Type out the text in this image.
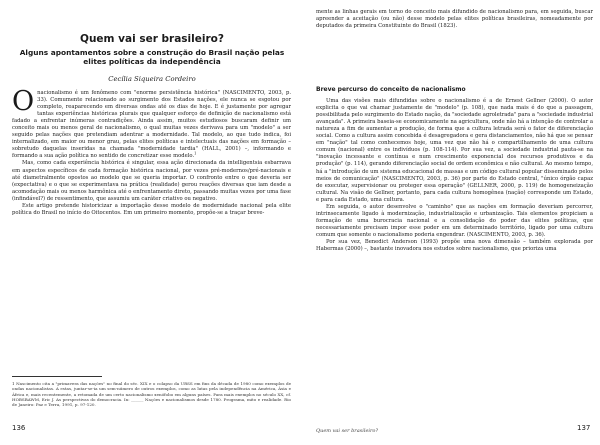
Quem vai ser brasileiro?
Alguns apontamentos sobre a construção do Brasil nação pelas elites políticas da independência

Cecília Siqueira Cordeiro

Onacionalismo é um fenômeno com "enorme persistência histórica" (NASCIMENTO, 2003, p. 33). Comumente relacionado ao surgimento dos Estados nações, ele nunca se esgotou por completo, reaparecendo em diversas ondas até os dias de hoje. E é justamente por agregar tantas experiências históricas plurais que qualquer esforço de definição de nacionalismo está fadado a enfrentar inúmeras contradições. Ainda assim, muitos estudiosos buscaram definir um conceito mais ou menos geral de nacionalismo, o qual muitas vezes derivava para um "modelo" a ser seguido pelas nações que pretendiam adentrar a modernidade. Tal modelo, ao que tudo indica, foi internalizado, em maior ou menor grau, pelas elites políticas e intelectuais das nações em formação – sobretudo daquelas inseridas na chamada "modernidade tardia" (HALL, 2001) –, informando e formando a sua ação política no sentido de concretizar esse modelo.$^1$

Mas, como cada experiência histórica é singular, essa ação direcionada da intelligentsia esbarrava em aspectos específicos de cada formação histórica nacional, por vezes pré-modernos/pré-nacionais e até diametralmente opostos ao modelo que se queria importar. O confronto entre o que deveria ser (expectativa) e o que se experimentava na prática (realidade) gerou reações diversas que iam desde a acomodação mais ou menos harmônica até o enfrentamento direto, passando muitas vezes por uma fase (infindável?) de ressentimento, que assumiu um caráter criativo ou negativo.

Este artigo pretende historicizar a importação desse modelo de modernidade nacional pela elite política do Brasil no início do Oitocentos. Em um primeiro momento, propõe-se a traçar breve-

1 Nascimento cita a "primavera das nações" no final do séc. XIX e o colapso da URSS em fins da década de 1980 como exemplos de ondas nacionalistas. A estas, juntar-se-ia um sem-número de outros exemplos, como as lutas pela independência na América, Ásia e África e, mais recentemente, a retomada de um certo nacionalismo xenófobo em alguns países. Para mais exemplos no século XX, cf. HOBSBAWM, Eric J. As perspectivas do democracia. In: ______ Nações e nacionalismos desde 1780. Programa, mito e realidade. Rio de Janeiro: Paz e Terra, 1991, p. 97-120.

136

mente as linhas gerais em torno do conceito mais difundido de nacionalismo para, em seguida, buscar apreender a aceitação (ou não) desse modelo pelas elites políticas brasileiras, nomeadamente por deputados da primeira Constituinte do Brasil (1823).

Breve percurso do conceito de nacionalismo

Uma das visões mais difundidas sobre o nacionalismo é a de Ernest Gellner (2000). O autor explicita o que vai chamar justamente de "modelo" (p. 108), que nada mais é do que a passagem, possibilitada pelo surgimento do Estado nação, da "sociedade agroletrada" para a "sociedade industrial avançada". A primeira baseia-se economicamente na agricultura, onde não há a intenção de controlar a natureza a fim de aumentar a produção, de forma que a cultura letrada será o fator de diferenciação social. Como a cultura assim concebida é desagregadora e gera distanciamentos, não há que se pensar em "nação" tal como conhecemos hoje, uma vez que não há o compartilhamento de uma cultura comum (nacional) entre os indivíduos (p. 108-114). Por sua vez, a sociedade industrial pauta-se na "inovação incessante e contínua e num crescimento exponencial dos recursos produtivos e da produção" (p. 114), gerando diferenciação social de ordem econômica e não cultural. Ao mesmo tempo, há a "introdução de um sistema educacional de massas e um código cultural popular disseminado pelos meios de comunicação" (NASCIMENTO, 2003, p. 36) por parte do Estado central, "único órgão capaz de executar, supervisionar ou proteger essa operação" (GELLNER, 2000, p. 119) de homogeneização cultural. Na visão de Gellner, portanto, para cada cultura homogênea (nação) corresponde um Estado, e para cada Estado, uma cultura.

Em seguida, o autor desenvolve o "caminho" que as nações em formação deveriam percorrer, intrinsecamente ligado à modernização, industrialização e urbanização. Tais elementos propiciam a formação de uma burocracia nacional e a consolidação do poder das elites políticas, que necessariamente precisam impor esse poder em um determinado território, ligado por uma cultura comum que somente o nacionalismo poderia engendrar. (NASCIMENTO, 2003, p. 36).

Por sua vez, Benedict Anderson (1993) propõe uma nova dimensão – também explorada por Habermas (2000) –, bastante inovadora nos estudos sobre nacionalismo, que prioriza uma

Quem vai ser brasileiro?	137
